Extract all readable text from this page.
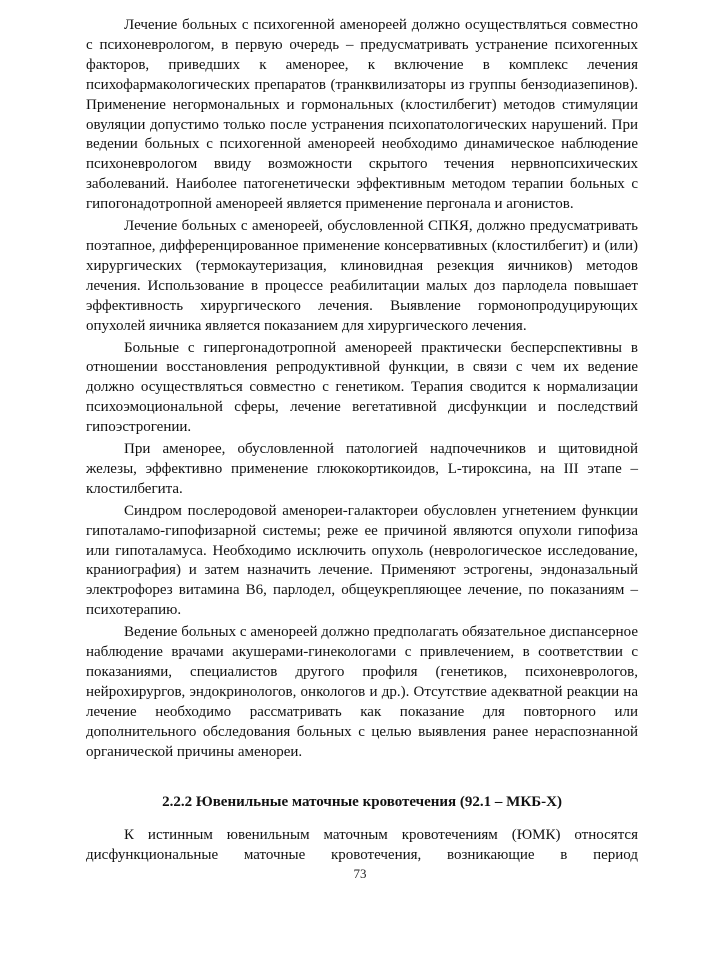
Лечение больных с психогенной аменореей должно осуществляться совместно с психоневрологом, в первую очередь – предусматривать устранение психогенных факторов, приведших к аменорее, к включение в комплекс лечения психофармакологических препаратов (транквилизаторы из группы бензодиазепинов). Применение негормональных и гормональных (клостилбегит) методов стимуляции овуляции допустимо только после устранения психопатологических нарушений. При ведении больных с психогенной аменореей необходимо динамическое наблюдение психоневрологом ввиду возможности скрытого течения нервнопсихических заболеваний. Наиболее патогенетически эффективным методом терапии больных с гипогонадотропной аменореей является применение пергонала и агонистов.

Лечение больных с аменореей, обусловленной СПКЯ, должно предусматривать поэтапное, дифференцированное применение консервативных (клостилбегит) и (или) хирургических (термокаутеризация, клиновидная резекция яичников) методов лечения. Использование в процессе реабилитации малых доз парлодела повышает эффективность хирургического лечения. Выявление гормонопродуцирующих опухолей яичника является показанием для хирургического лечения.

Больные с гипергонадотропной аменореей практически бесперспективны в отношении восстановления репродуктивной функции, в связи с чем их ведение должно осуществляться совместно с генетиком. Терапия сводится к нормализации психоэмоциональной сферы, лечение вегетативной дисфункции и последствий гипоэстрогении.

При аменорее, обусловленной патологией надпочечников и щитовидной железы, эффективно применение глюкокортикоидов, L-тироксина, на III этапе – клостилбегита.

Синдром послеродовой аменореи-галактореи обусловлен угнетением функции гипоталамо-гипофизарной системы; реже ее причиной являются опухоли гипофиза или гипоталамуса. Необходимо исключить опухоль (неврологическое исследование, краниография) и затем назначить лечение. Применяют эстрогены, эндоназальный электрофорез витамина В6, парлодел, общеукрепляющее лечение, по показаниям – психотерапию.

Ведение больных с аменореей должно предполагать обязательное диспансерное наблюдение врачами акушерами-гинекологами с привлечением, в соответствии с показаниями, специалистов другого профиля (генетиков, психоневрологов, нейрохирургов, эндокринологов, онкологов и др.). Отсутствие адекватной реакции на лечение необходимо рассматривать как показание для повторного или дополнительного обследования больных с целью выявления ранее нераспознанной органической причины аменореи.

2.2.2 Ювенильные маточные кровотечения (92.1 – МКБ-X)

К истинным ювенильным маточным кровотечениям (ЮМК) относятся дисфункциональные маточные кровотечения, возникающие в период

73
